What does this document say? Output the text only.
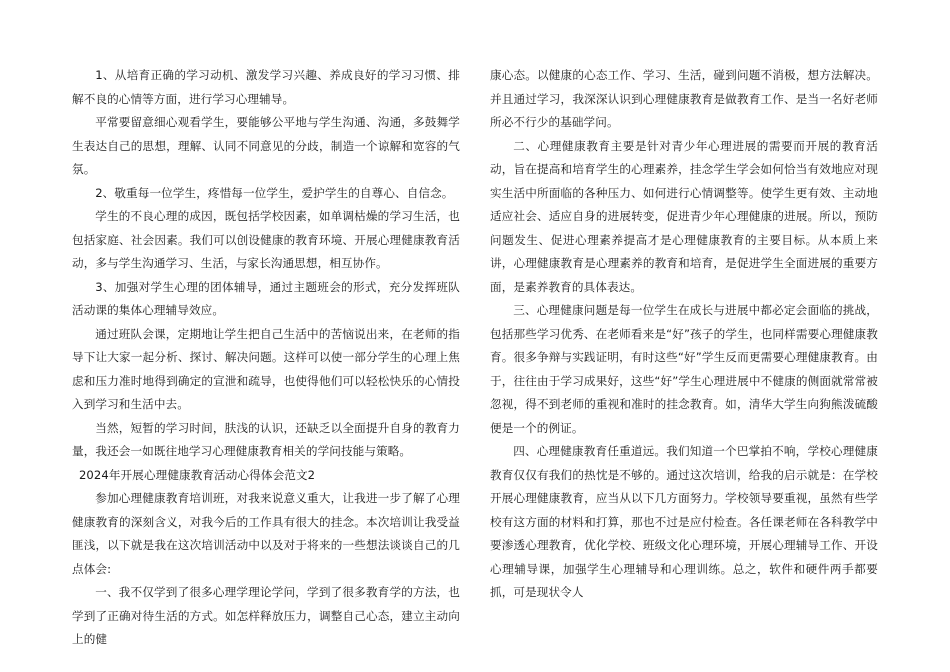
1、从培育正确的学习动机、激发学习兴趣、养成良好的学习习惯、排解不良的心情等方面，进行学习心理辅导。

平常要留意细心观看学生，要能够公平地与学生沟通、沟通，多鼓舞学生表达自己的思想，理解、认同不同意见的分歧，制造一个谅解和宽容的气氛。

2、敬重每一位学生，疼惜每一位学生，爱护学生的自尊心、自信念。

学生的不良心理的成因，既包括学校因素，如单调枯燥的学习生活，也包括家庭、社会因素。我们可以创设健康的教育环境、开展心理健康教育活动，多与学生沟通学习、生活，与家长沟通思想，相互协作。

3、加强对学生心理的团体辅导，通过主题班会的形式，充分发挥班队活动课的集体心理辅导效应。

通过班队会课，定期地让学生把自己生活中的苦恼说出来，在老师的指导下让大家一起分析、探讨、解决问题。这样可以使一部分学生的心理上焦虑和压力准时地得到确定的宣泄和疏导，也使得他们可以轻松快乐的心情投入到学习和生活中去。

当然，短暂的学习时间，肤浅的认识，还缺乏以全面提升自身的教育力量，我还会一如既往地学习心理健康教育相关的学问技能与策略。

2024年开展心理健康教育活动心得体会范文2

参加心理健康教育培训班，对我来说意义重大，让我进一步了解了心理健康教育的深刻含义，对我今后的工作具有很大的挂念。本次培训让我受益匪浅，以下就是我在这次培训活动中以及对于将来的一些想法谈谈自己的几点体会:

一、我不仅学到了很多心理学理论学问，学到了很多教育学的方法，也学到了正确对待生活的方式。如怎样释放压力，调整自己心态，建立主动向上的健

康心态。以健康的心态工作、学习、生活，碰到问题不消极，想方法解决。并且通过学习，我深深认识到心理健康教育是做教育工作、是当一名好老师所必不行少的基础学问。

二、心理健康教育主要是针对青少年心理进展的需要而开展的教育活动，旨在提高和培育学生的心理素养，挂念学生学会如何恰当有效地应对现实生活中所面临的各种压力、如何进行心情调整等。使学生更有效、主动地适应社会、适应自身的进展转变，促进青少年心理健康的进展。所以，预防问题发生、促进心理素养提高才是心理健康教育的主要目标。从本质上来讲，心理健康教育是心理素养的教育和培育，是促进学生全面进展的重要方面，是素养教育的具体表达。

三、心理健康问题是每一位学生在成长与进展中都必定会面临的挑战，包括那些学习优秀、在老师看来是“好”孩子的学生，也同样需要心理健康教育。很多争辩与实践证明，有时这些“好”学生反而更需要心理健康教育。由于，往往由于学习成果好，这些“好”学生心理进展中不健康的侧面就常常被忽视，得不到老师的重视和准时的挂念教育。如，清华大学生向狗熊泼硫酸便是一个的例证。

四、心理健康教育任重道远。我们知道一个巴掌拍不响，学校心理健康教育仅仅有我们的热忱是不够的。通过这次培训，给我的启示就是：在学校开展心理健康教育，应当从以下几方面努力。学校领导要重视，虽然有些学校有这方面的材料和打算，那也不过是应付检查。各任课老师在各科教学中要渗透心理教育，优化学校、班级文化心理环境，开展心理辅导工作、开设心理辅导课，加强学生心理辅导和心理训练。总之，软件和硬件两手都要抓，可是现状令人
